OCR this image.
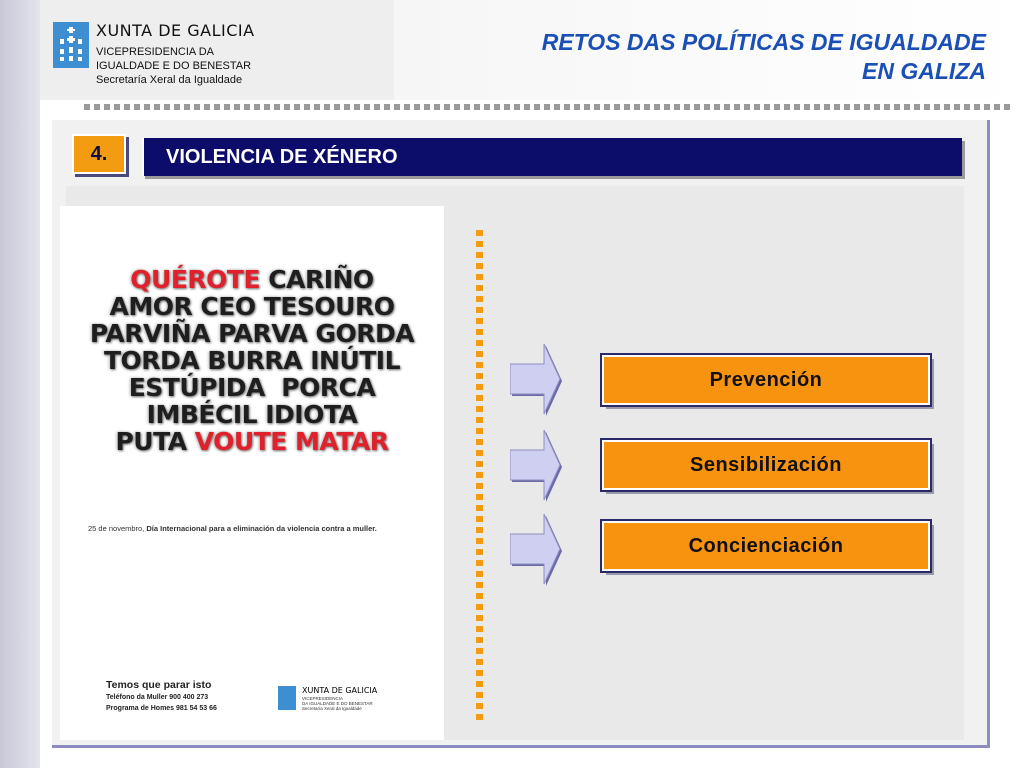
XUNTA DE GALICIA
VICEPRESIDENCIA DA
IGUALDADE E DO BENESTAR
Secretaría Xeral da Igualdade
RETOS DAS POLÍTICAS DE IGUALDADE
EN GALIZA
4.	VIOLENCIA DE XÉNERO
QUÉROTE CARIÑO
AMOR CEO TESOURO
PARVIÑA PARVA GORDA
TORDA BURRA INÚTIL
ESTÚPIDA  PORCA
IMBÉCIL IDIOTA
PUTA VOUTE MATAR
25 de novembro, Día Internacional para a eliminación da violencia contra a muller.
Temos que parar isto
Teléfono da Muller 900 400 273
Programa de Homes 981 54 53 66
XUNTA DE GALICIA
VICEPRESIDENCIA
DA IGUALDADE E DO BENESTAR
Secretaría Xeral da Igualdade
Prevención
Sensibilización
Concienciación
